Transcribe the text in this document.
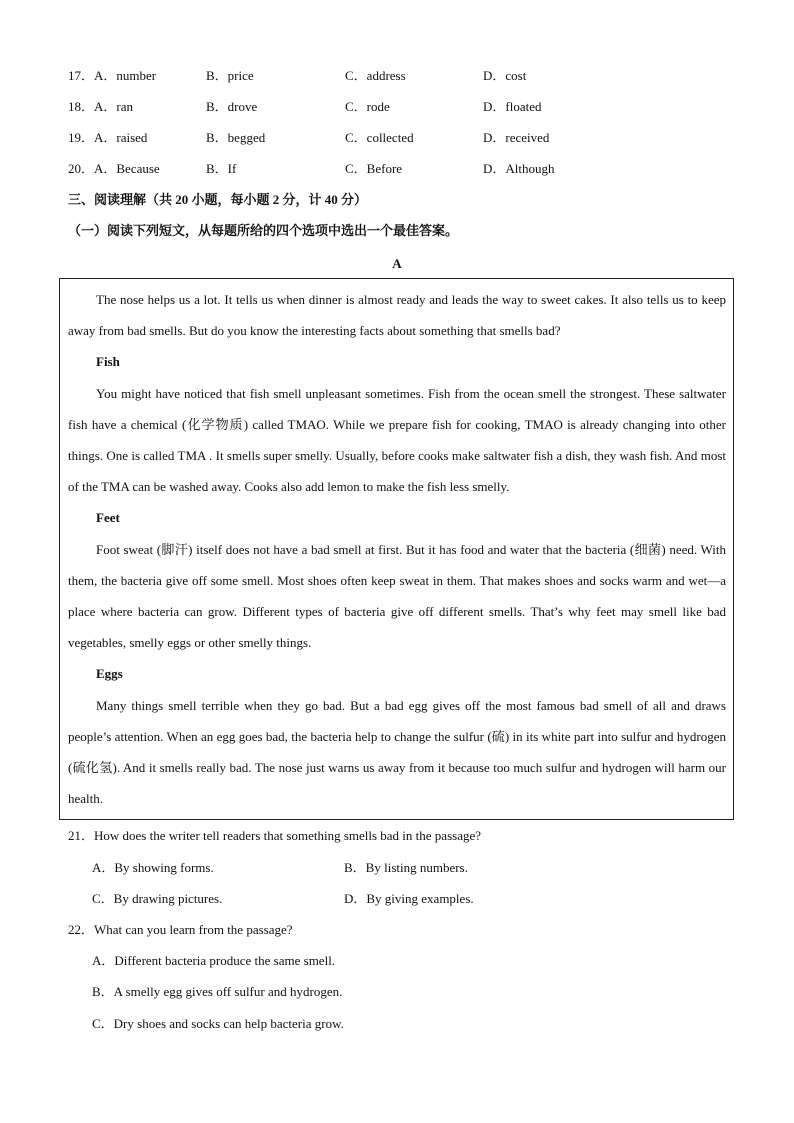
17．A．number	B．price	C．address	D．cost
18．A．ran	B．drove	C．rode	D．floated
19．A．raised	B．begged	C．collected	D．received
20．A．Because	B．If	C．Before	D．Although
三、阅读理解（共 20 小题，每小题 2 分，计 40 分）
（一）阅读下列短文，从每题所给的四个选项中选出一个最佳答案。
A
The nose helps us a lot. It tells us when dinner is almost ready and leads the way to sweet cakes. It also tells us to keep away from bad smells. But do you know the interesting facts about something that smells bad?
Fish
You might have noticed that fish smell unpleasant sometimes. Fish from the ocean smell the strongest. These saltwater fish have a chemical (化学物质) called TMAO. While we prepare fish for cooking, TMAO is already changing into other things. One is called TMA . It smells super smelly. Usually, before cooks make saltwater fish a dish, they wash fish. And most of the TMA can be washed away. Cooks also add lemon to make the fish less smelly.
Feet
Foot sweat (脚汗) itself does not have a bad smell at first. But it has food and water that the bacteria (细菌) need. With them, the bacteria give off some smell. Most shoes often keep sweat in them. That makes shoes and socks warm and wet—a place where bacteria can grow. Different types of bacteria give off different smells. That’s why feet may smell like bad vegetables, smelly eggs or other smelly things.
Eggs
Many things smell terrible when they go bad. But a bad egg gives off the most famous bad smell of all and draws people’s attention. When an egg goes bad, the bacteria help to change the sulfur (硫) in its white part into sulfur and hydrogen (硫化氢). And it smells really bad. The nose just warns us away from it because too much sulfur and hydrogen will harm our health.
21．How does the writer tell readers that something smells bad in the passage?
A．By showing forms.	B．By listing numbers.
C．By drawing pictures.	D．By giving examples.
22．What can you learn from the passage?
A．Different bacteria produce the same smell.
B．A smelly egg gives off sulfur and hydrogen.
C．Dry shoes and socks can help bacteria grow.
